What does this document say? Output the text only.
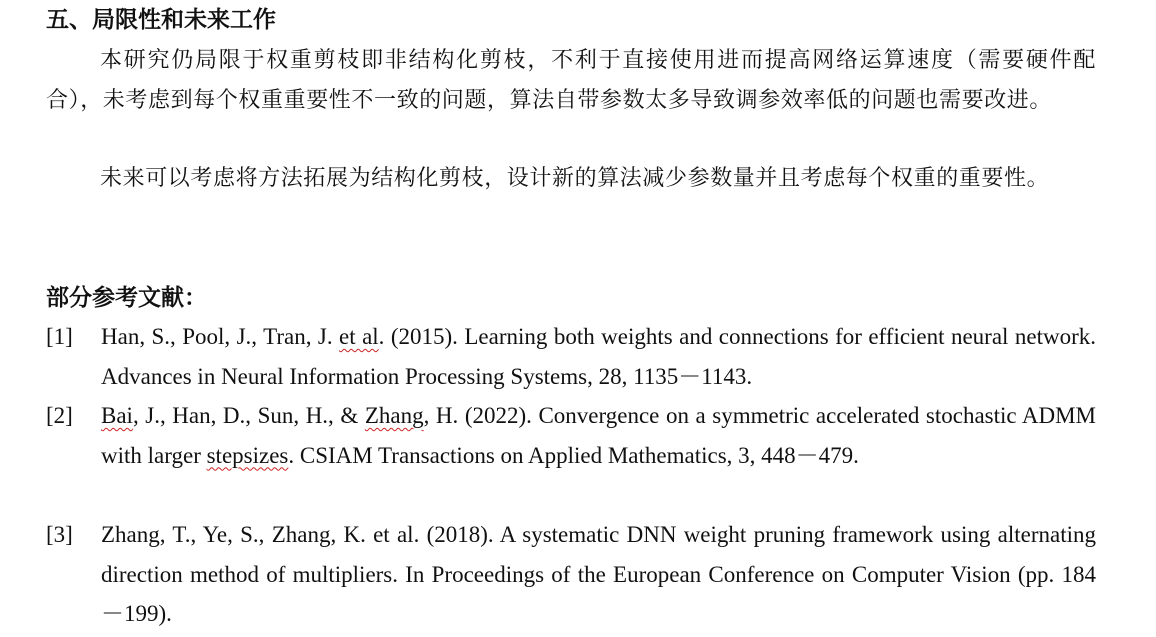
五、局限性和未来工作
本研究仍局限于权重剪枝即非结构化剪枝，不利于直接使用进而提高网络运算速度（需要硬件配合），未考虑到每个权重重要性不一致的问题，算法自带参数太多导致调参效率低的问题也需要改进。
未来可以考虑将方法拓展为结构化剪枝，设计新的算法减少参数量并且考虑每个权重的重要性。
部分参考文献：
[1]	Han, S., Pool, J., Tran, J. et al. (2015). Learning both weights and connections for efficient neural network. Advances in Neural Information Processing Systems, 28, 1135－1143.
[2]	Bai, J., Han, D., Sun, H., & Zhang, H. (2022). Convergence on a symmetric accelerated stochastic ADMM with larger stepsizes. CSIAM Transactions on Applied Mathematics, 3, 448－479.
[3]	Zhang, T., Ye, S., Zhang, K. et al. (2018). A systematic DNN weight pruning framework using alternating direction method of multipliers. In Proceedings of the European Conference on Computer Vision (pp. 184－199).
